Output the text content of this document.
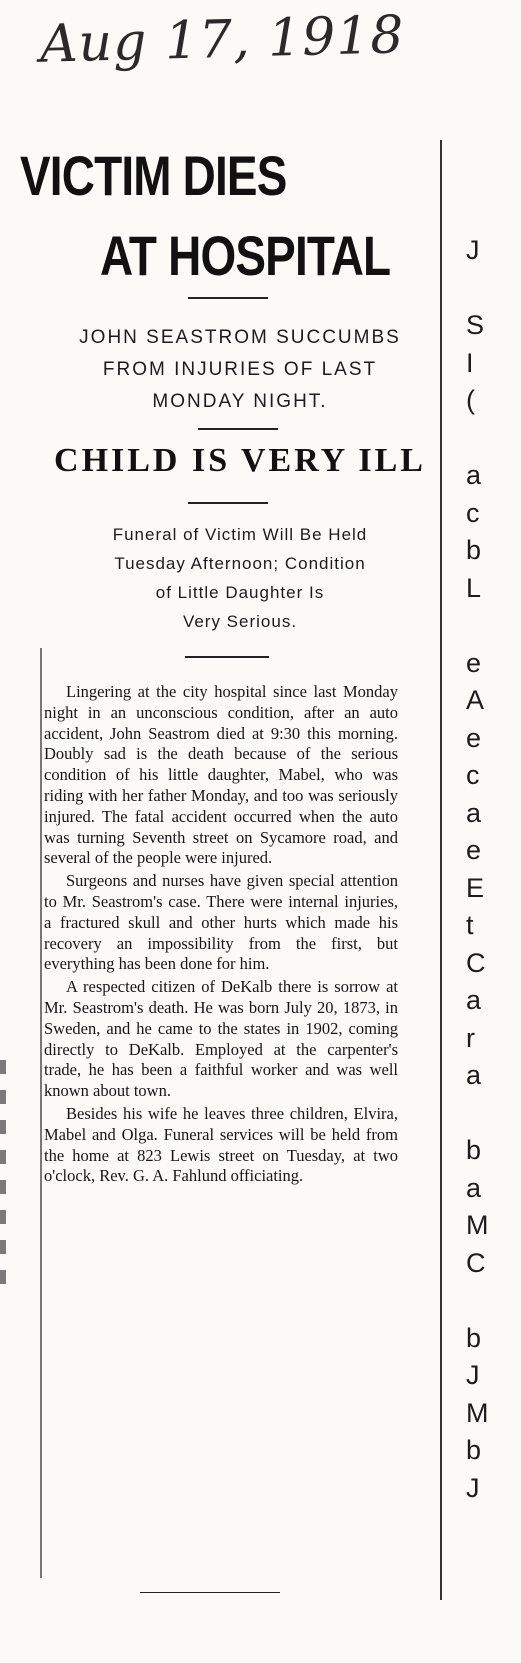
Aug 17, 1918
VICTIM DIES
AT HOSPITAL
JOHN SEASTROM SUCCUMBS
FROM INJURIES OF LAST
MONDAY NIGHT.
CHILD IS VERY ILL
Funeral of Victim Will Be Held
Tuesday Afternoon; Condition
of Little Daughter Is
Very Serious.

Lingering at the city hospital since last Monday night in an unconscious condition, after an auto accident, John Seastrom died at 9:30 this morning. Doubly sad is the death because of the serious condition of his little daughter, Mabel, who was riding with her father Monday, and too was seriously injured. The fatal accident occurred when the auto was turning Seventh street on Sycamore road, and several of the people were injured.

Surgeons and nurses have given special attention to Mr. Seastrom's case. There were internal injuries, a fractured skull and other hurts which made his recovery an impossibility from the first, but everything has been done for him.

A respected citizen of DeKalb there is sorrow at Mr. Seastrom's death. He was born July 20, 1873, in Sweden, and he came to the states in 1902, coming directly to DeKalb. Employed at the carpenter's trade, he has been a faithful worker and was well known about town.

Besides his wife he leaves three children, Elvira, Mabel and Olga. Funeral services will be held from the home at 823 Lewis street on Tuesday, at two o'clock, Rev. G. A. Fahlund officiating.

J

S
I
(

a
c
b
L

e
A
e
c
a
e
E
t
C
a
r
a

b
a
M
C

b
J
M
b
J
